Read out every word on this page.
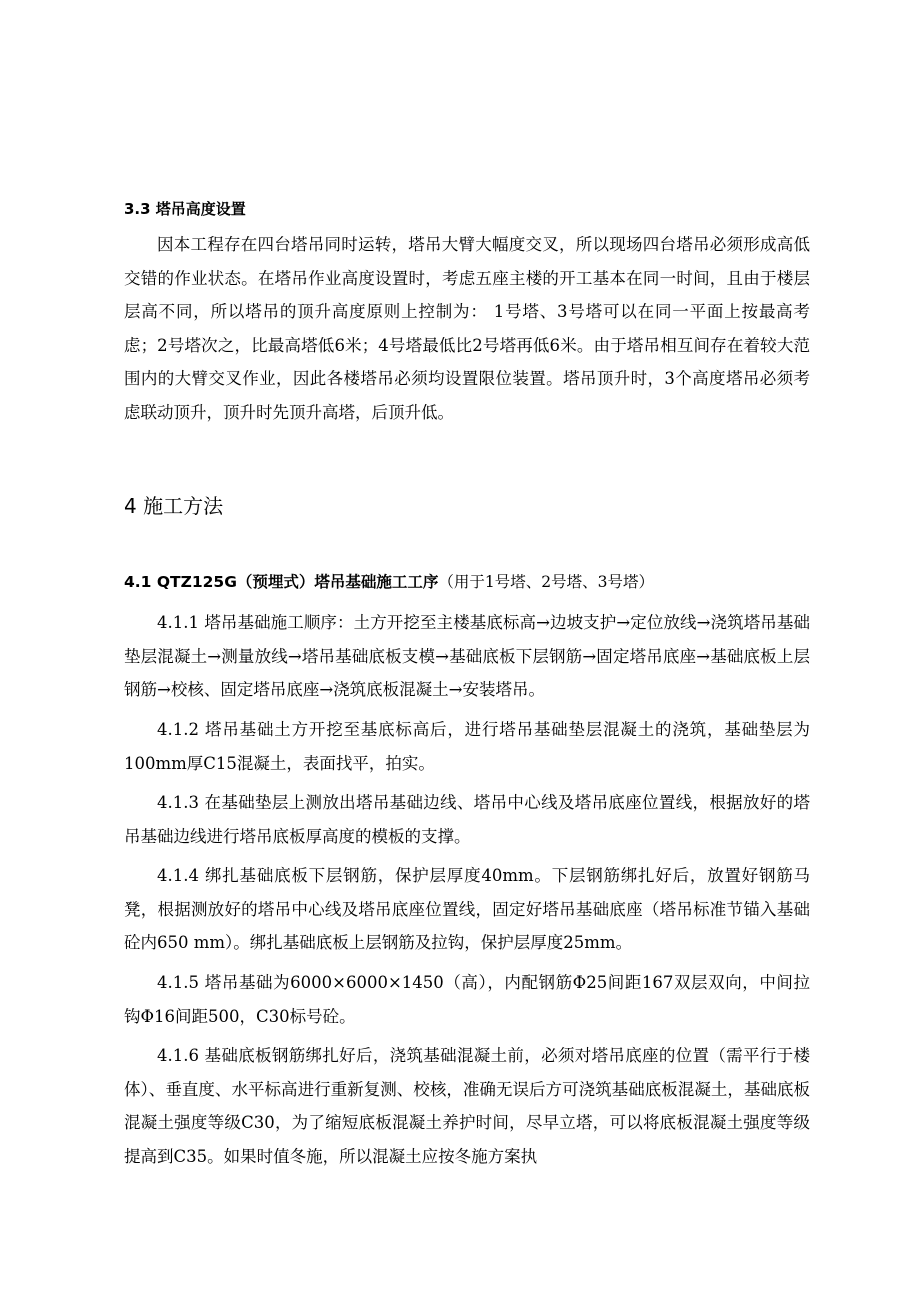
3.3 塔吊高度设置

因本工程存在四台塔吊同时运转，塔吊大臂大幅度交叉，所以现场四台塔吊必须形成高低交错的作业状态。在塔吊作业高度设置时，考虑五座主楼的开工基本在同一时间，且由于楼层层高不同，所以塔吊的顶升高度原则上控制为： 1号塔、3号塔可以在同一平面上按最高考虑；2号塔次之，比最高塔低6米；4号塔最低比2号塔再低6米。由于塔吊相互间存在着较大范围内的大臂交叉作业，因此各楼塔吊必须均设置限位装置。塔吊顶升时，3个高度塔吊必须考虑联动顶升，顶升时先顶升高塔，后顶升低。

4 施工方法
4.1 QTZ125G（预埋式）塔吊基础施工工序（用于1号塔、2号塔、3号塔）

4.1.1 塔吊基础施工顺序：土方开挖至主楼基底标高→边坡支护→定位放线→浇筑塔吊基础垫层混凝土→测量放线→塔吊基础底板支模→基础底板下层钢筋→固定塔吊底座→基础底板上层钢筋→校核、固定塔吊底座→浇筑底板混凝土→安装塔吊。

4.1.2 塔吊基础土方开挖至基底标高后，进行塔吊基础垫层混凝土的浇筑，基础垫层为100mm厚C15混凝土，表面找平，拍实。

4.1.3 在基础垫层上测放出塔吊基础边线、塔吊中心线及塔吊底座位置线，根据放好的塔吊基础边线进行塔吊底板厚高度的模板的支撑。

4.1.4 绑扎基础底板下层钢筋，保护层厚度40mm。下层钢筋绑扎好后，放置好钢筋马凳，根据测放好的塔吊中心线及塔吊底座位置线，固定好塔吊基础底座（塔吊标准节锚入基础砼内650 mm）。绑扎基础底板上层钢筋及拉钩，保护层厚度25mm。

4.1.5 塔吊基础为6000×6000×1450（高），内配钢筋Φ25间距167双层双向，中间拉钩Φ16间距500，C30标号砼。

4.1.6 基础底板钢筋绑扎好后，浇筑基础混凝土前，必须对塔吊底座的位置（需平行于楼体）、垂直度、水平标高进行重新复测、校核，准确无误后方可浇筑基础底板混凝土，基础底板混凝土强度等级C30，为了缩短底板混凝土养护时间，尽早立塔，可以将底板混凝土强度等级提高到C35。如果时值冬施，所以混凝土应按冬施方案执
